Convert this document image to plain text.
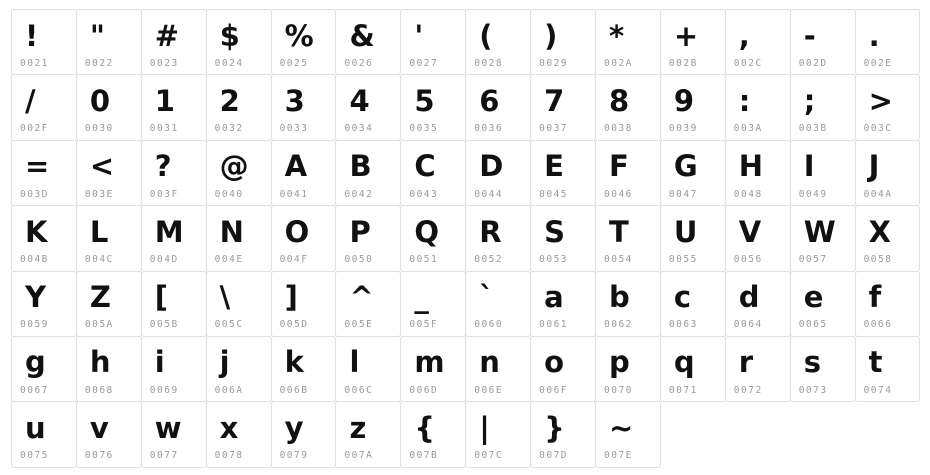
!
0021
"
0022
#
0023
$
0024
%
0025
&
0026
'
0027
(
0028
)
0029
*
002A
+
002B
,
002C
-
002D
.
002E
/
002F
0
0030
1
0031
2
0032
3
0033
4
0034
5
0035
6
0036
7
0037
8
0038
9
0039
:
003A
;
003B
>
003C
=
003D
<
003E
?
003F
@
0040
A
0041
B
0042
C
0043
D
0044
E
0045
F
0046
G
0047
H
0048
I
0049
J
004A
K
004B
L
004C
M
004D
N
004E
O
004F
P
0050
Q
0051
R
0052
S
0053
T
0054
U
0055
V
0056
W
0057
X
0058
Y
0059
Z
005A
[
005B
\
005C
]
005D
^
005E
_
005F
`
0060
a
0061
b
0062
c
0063
d
0064
e
0065
f
0066
g
0067
h
0068
i
0069
j
006A
k
006B
l
006C
m
006D
n
006E
o
006F
p
0070
q
0071
r
0072
s
0073
t
0074
u
0075
v
0076
w
0077
x
0078
y
0079
z
007A
{
007B
|
007C
}
007D
~
007E
